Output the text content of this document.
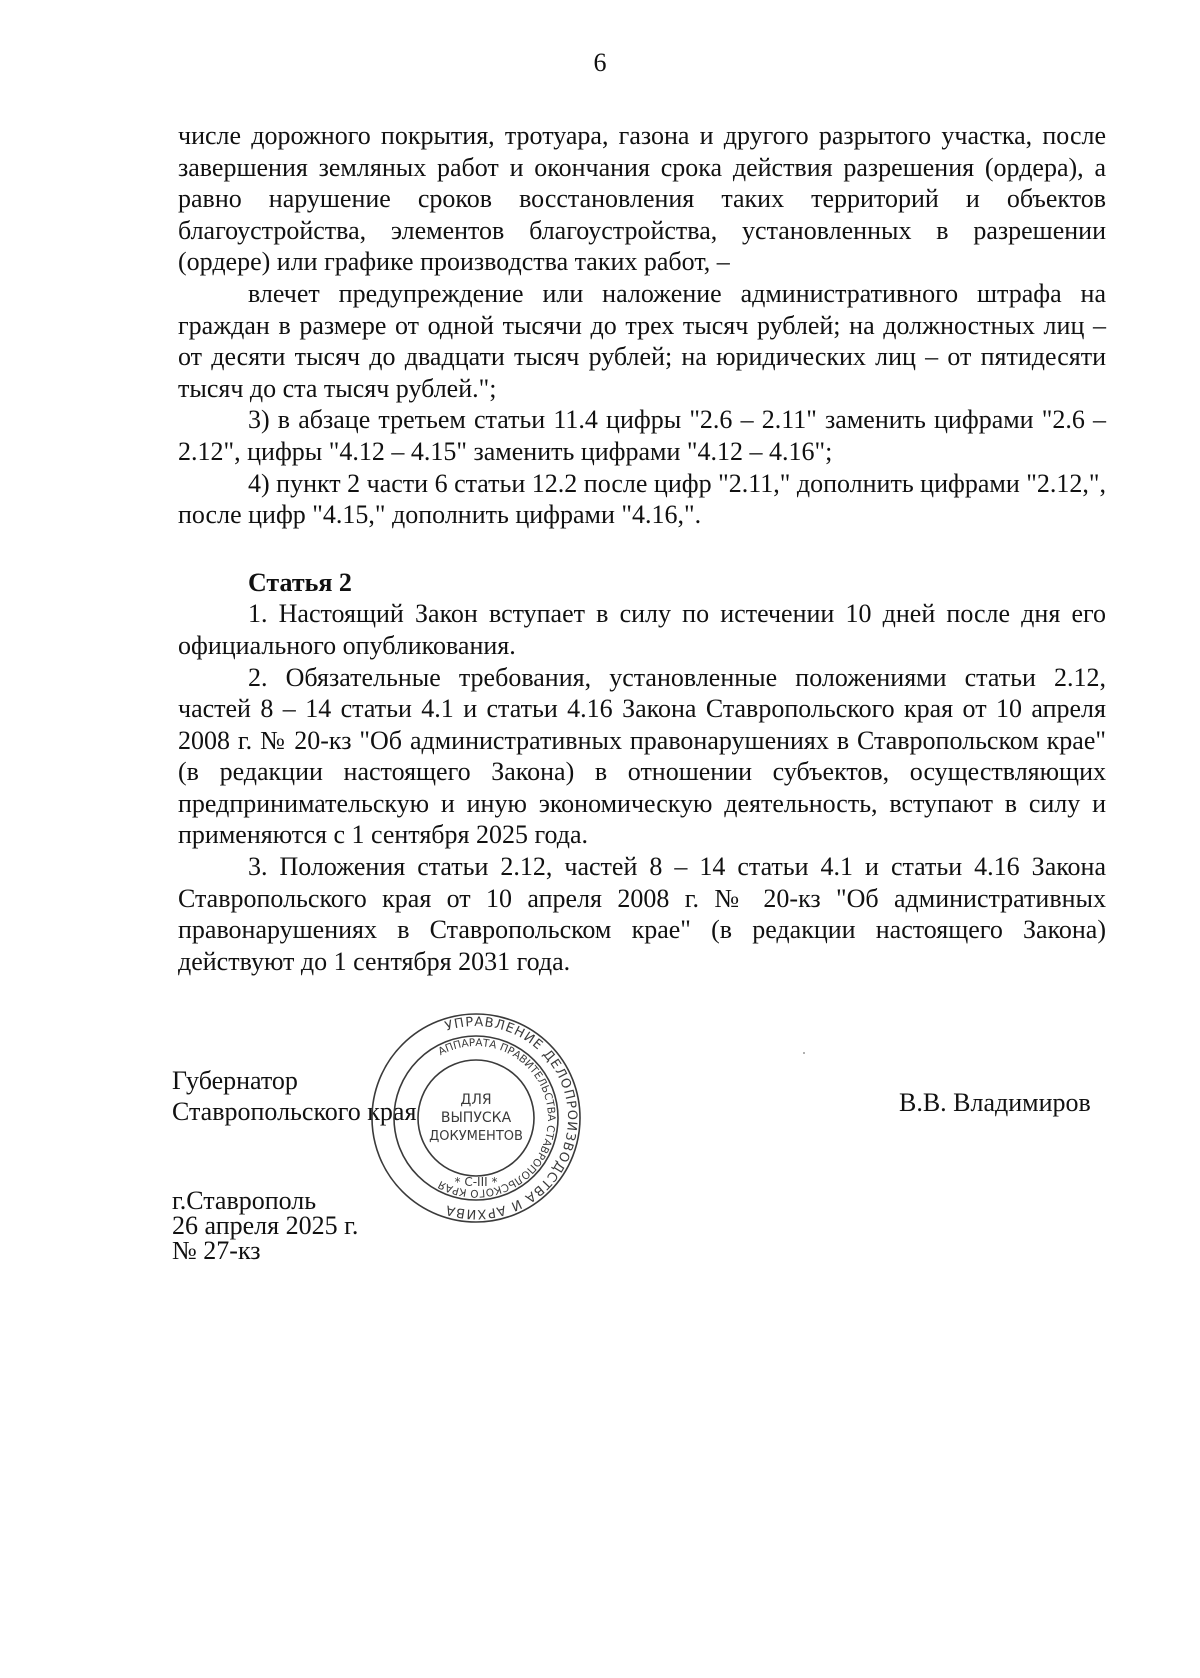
6

числе дорожного покрытия, тротуара, газона и другого разрытого участка, после завершения земляных работ и окончания срока действия разрешения (ордера), а равно нарушение сроков восстановления таких территорий и объектов благоустройства, элементов благоустройства, установленных в разрешении (ордере) или графике производства таких работ, –

влечет предупреждение или наложение административного штрафа на граждан в размере от одной тысячи до трех тысяч рублей; на должностных лиц – от десяти тысяч до двадцати тысяч рублей; на юридических лиц – от пятидесяти тысяч до ста тысяч рублей.";

3) в абзаце третьем статьи 11.4 цифры "2.6 – 2.11" заменить цифрами "2.6 – 2.12", цифры "4.12 – 4.15" заменить цифрами "4.12 – 4.16";

4) пункт 2 части 6 статьи 12.2 после цифр "2.11," дополнить цифрами "2.12,", после цифр "4.15," дополнить цифрами "4.16,".

Статья 2

1. Настоящий Закон вступает в силу по истечении 10 дней после дня его официального опубликования.

2. Обязательные требования, установленные положениями статьи 2.12, частей 8 – 14 статьи 4.1 и статьи 4.16 Закона Ставропольского края от 10 апреля 2008 г. № 20-кз "Об административных правонарушениях в Ставропольском крае" (в редакции настоящего Закона) в отношении субъектов, осуществляющих предпринимательскую и иную экономическую деятельность, вступают в силу и применяются с 1 сентября 2025 года.

3. Положения статьи 2.12, частей 8 – 14 статьи 4.1 и статьи 4.16 Закона Ставропольского края от 10 апреля 2008 г. № 20-кз "Об административных правонарушениях в Ставропольском крае" (в редакции настоящего Закона) действуют до 1 сентября 2031 года.

Губернатор
Ставропольского края	В.В. Владимиров
г.Ставрополь
26 апреля 2025 г.
№ 27-кз
УПРАВЛЕНИЕ ДЕЛОПРОИЗВОДСТВА И АРХИВА
АППАРАТА ПРАВИТЕЛЬСТВА СТАВРОПОЛЬСКОГО КРАЯ
ДЛЯ
ВЫПУСКА
ДОКУМЕНТОВ
* С-III *
